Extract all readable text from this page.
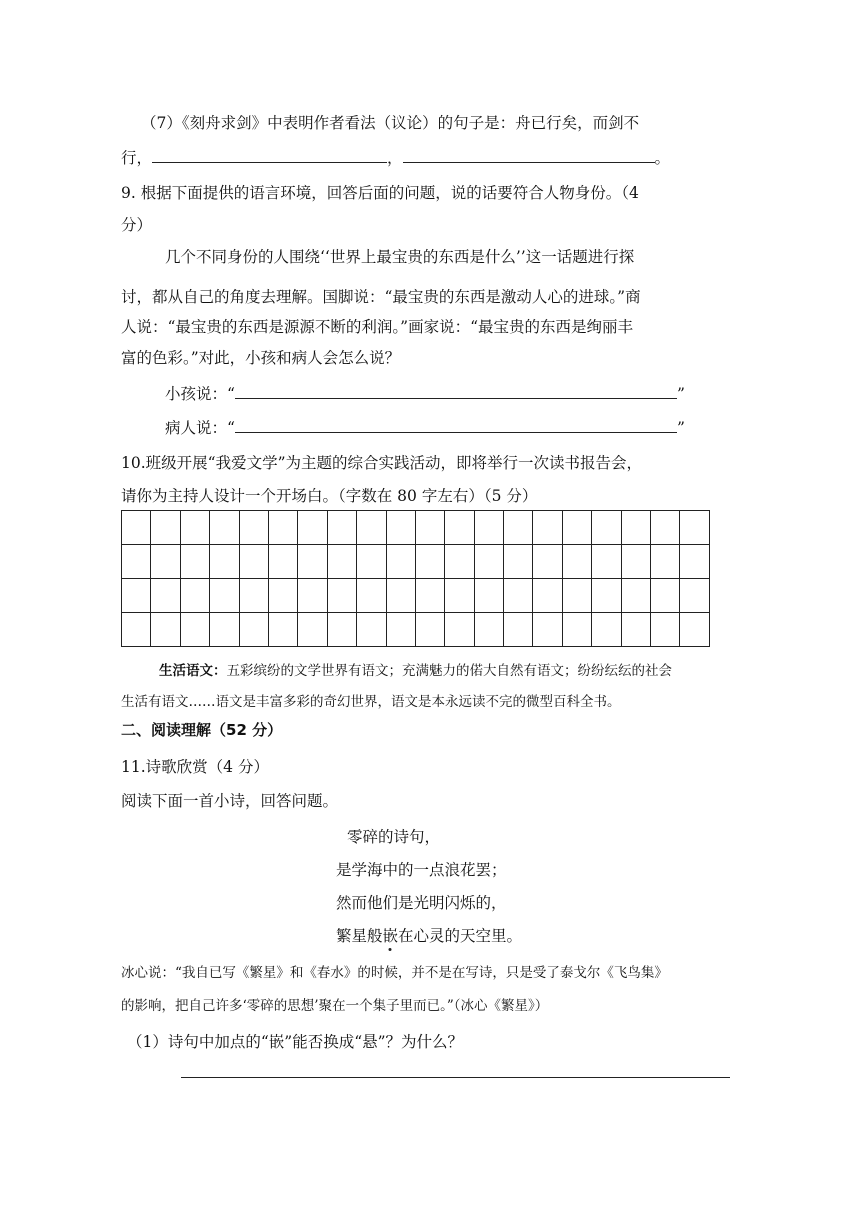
（7）《刻舟求剑》中表明作者看法（议论）的句子是：舟已行矣，而剑不
行，	，	。
9. 根据下面提供的语言环境，回答后面的问题，说的话要符合人物身份。（4
分）
几个不同身份的人围绕‘‘世界上最宝贵的东西是什么’’这一话题进行探
讨，都从自己的角度去理解。国脚说：“最宝贵的东西是激动人心的进球。”商
人说：“最宝贵的东西是源源不断的利润。”画家说：“最宝贵的东西是绚丽丰
富的色彩。”对此，小孩和病人会怎么说？
小孩说：“	”
病人说：“	”
10.班级开展“我爱文学”为主题的综合实践活动，即将举行一次读书报告会，
请你为主持人设计一个开场白。（字数在 80 字左右）（5 分）

生活语文：五彩缤纷的文学世界有语文；充满魅力的偌大自然有语文；纷纷纭纭的社会
生活有语文……语文是丰富多彩的奇幻世界，语文是本永远读不完的微型百科全书。
二、阅读理解（52 分）
11.诗歌欣赏（4 分）
阅读下面一首小诗，回答问题。
零碎的诗句，
是学海中的一点浪花罢；
然而他们是光明闪烁的，
繁星般嵌在心灵的天空里。
冰心说：“我自已写《繁星》和《春水》的时候，并不是在写诗，只是受了泰戈尔《飞鸟集》
的影响，把自己许多‘零碎的思想’聚在一个集子里而已。”（冰心《繁星》）
（1）诗句中加点的“嵌”能否换成“悬”？为什么？
